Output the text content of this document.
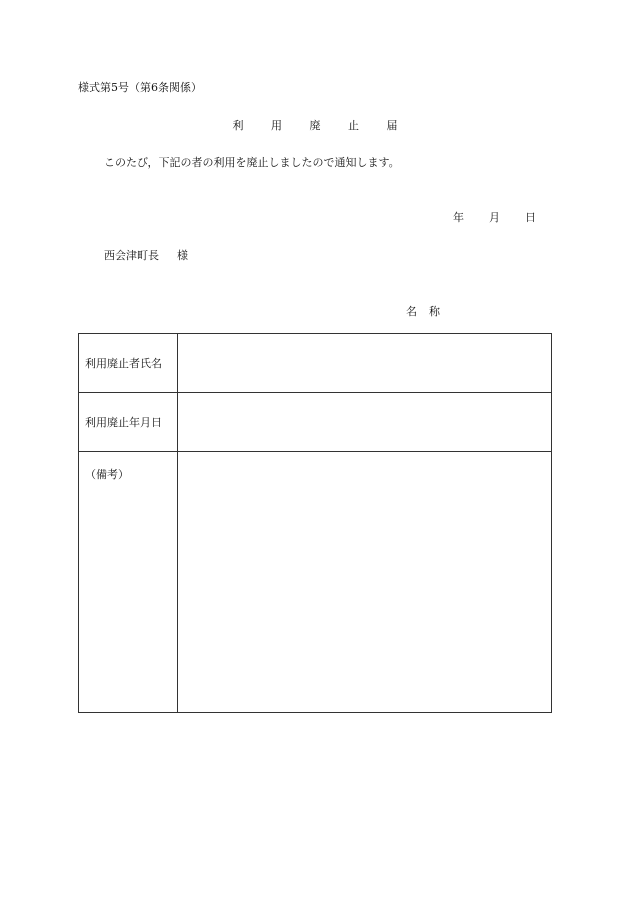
様式第5号（第6条関係）
利	用	廃	止	届
このたび，下記の者の利用を廃止しましたので通知します。
年 月 日
西会津町長 様
名 称
利用廃止者氏名	
利用廃止年月日	
（備考）	
